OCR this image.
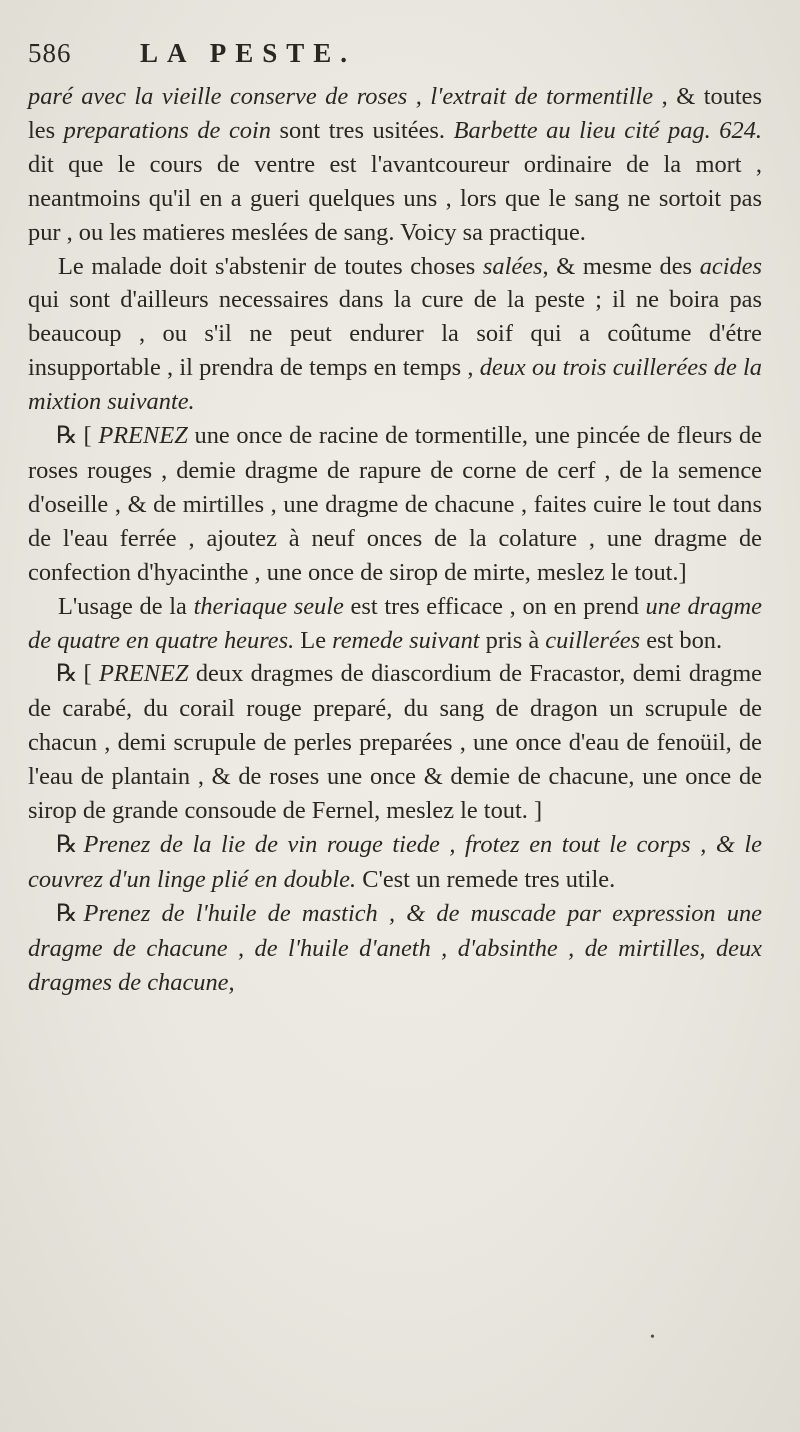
586	LA PESTE.

paré avec la vieille conserve de roses , l'extrait de tormentille , & toutes les preparations de coin sont tres usitées. Barbette au lieu cité pag. 624. dit que le cours de ventre est l'avantcoureur ordinaire de la mort , neantmoins qu'il en a gueri quelques uns , lors que le sang ne sortoit pas pur , ou les matieres meslées de sang. Voicy sa practique.

Le malade doit s'abstenir de toutes choses salées, & mesme des acides qui sont d'ailleurs necessaires dans la cure de la peste ; il ne boira pas beaucoup , ou s'il ne peut endurer la soif qui a coûtume d'étre insupportable , il prendra de temps en temps , deux ou trois cuillerées de la mixtion suivante.

℞ [ PRENEZ une once de racine de tormentille, une pincée de fleurs de roses rouges , demie dragme de rapure de corne de cerf , de la semence d'oseille , & de mirtilles , une dragme de chacune , faites cuire le tout dans de l'eau ferrée , ajoutez à neuf onces de la colature , une dragme de confection d'hyacinthe , une once de sirop de mirte, meslez le tout.]

L'usage de la theriaque seule est tres efficace , on en prend une dragme de quatre en quatre heures. Le remede suivant pris à cuillerées est bon.

℞ [ PRENEZ deux dragmes de diascordium de Fracastor, demi dragme de carabé, du corail rouge preparé, du sang de dragon un scrupule de chacun , demi scrupule de perles preparées , une once d'eau de fenoüil, de l'eau de plantain , & de roses une once & demie de chacune, une once de sirop de grande consoude de Fernel, meslez le tout. ]

℞ Prenez de la lie de vin rouge tiede , frotez en tout le corps , & le couvrez d'un linge plié en double. C'est un remede tres utile.

℞ Prenez de l'huile de mastich , & de muscade par expression une dragme de chacune , de l'huile d'aneth , d'absinthe , de mirtilles, deux dragmes de chacune,

•
